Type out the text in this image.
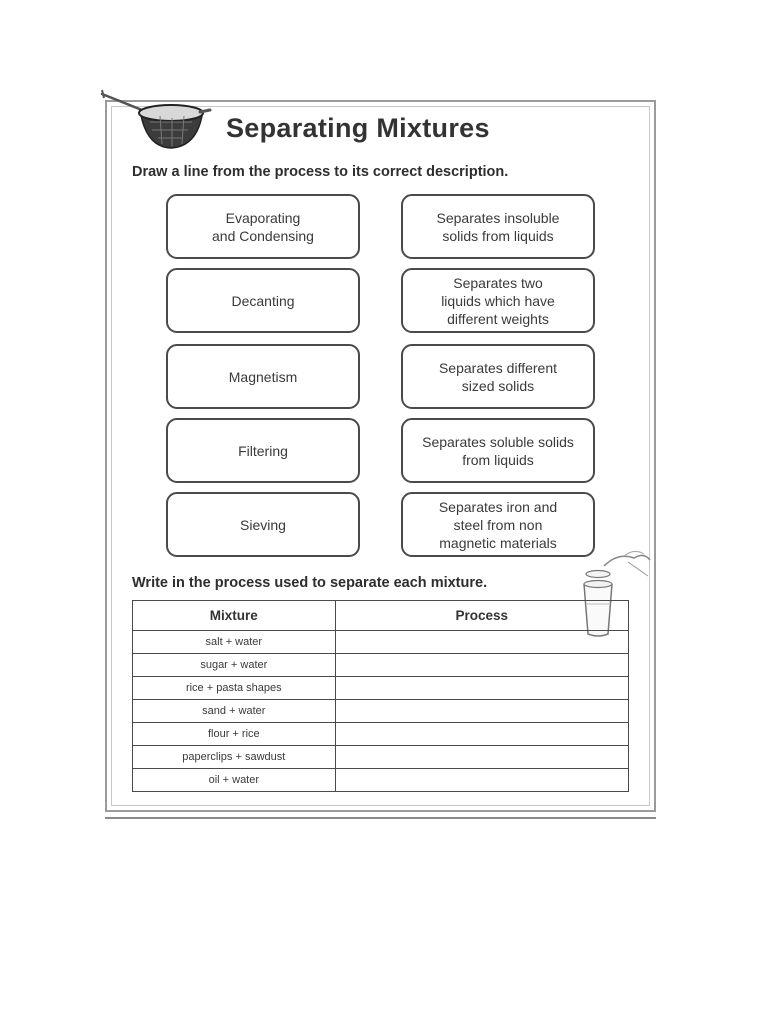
Separating Mixtures
Draw a line from the process to its correct description.
Evaporating
and Condensing
Decanting
Magnetism
Filtering
Sieving
Separates insoluble
solids from liquids
Separates two
liquids which have
different weights
Separates different
sized solids
Separates soluble solids
from liquids
Separates iron and
steel from non
magnetic materials
Write in the process used to separate each mixture.
Mixture	Process
salt + water	
sugar + water	
rice + pasta shapes	
sand + water	
flour + rice	
paperclips + sawdust	
oil + water	
